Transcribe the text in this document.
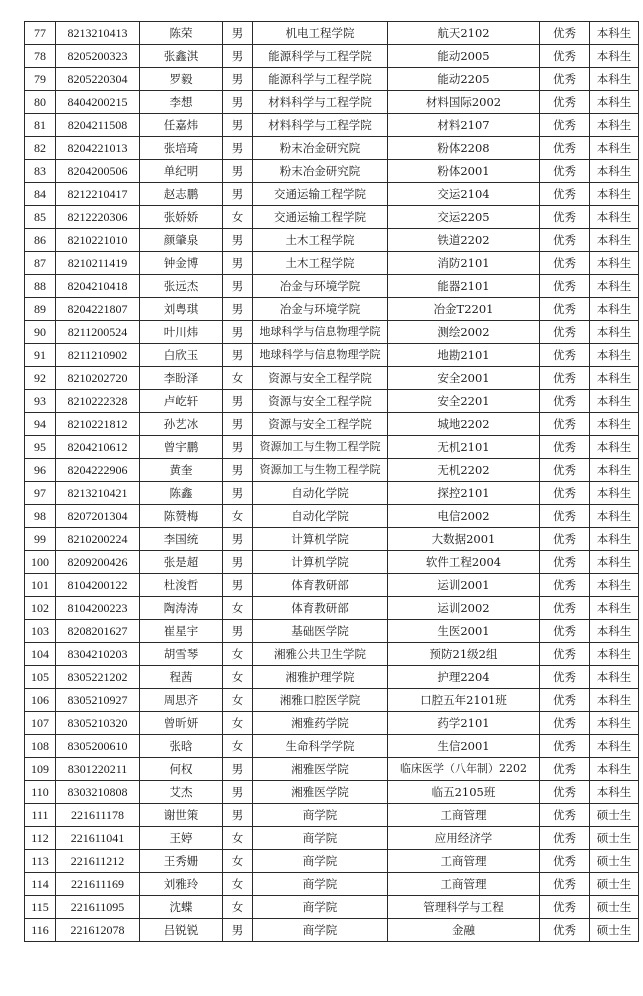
77	8213210413	陈荣	男	机电工程学院	航天2102	优秀	本科生
78	8205200323	张鑫淇	男	能源科学与工程学院	能动2005	优秀	本科生
79	8205220304	罗毅	男	能源科学与工程学院	能动2205	优秀	本科生
80	8404200215	李想	男	材料科学与工程学院	材料国际2002	优秀	本科生
81	8204211508	任嘉炜	男	材料科学与工程学院	材料2107	优秀	本科生
82	8204221013	张培琦	男	粉末冶金研究院	粉体2208	优秀	本科生
83	8204200506	单纪明	男	粉末冶金研究院	粉体2001	优秀	本科生
84	8212210417	赵志鹏	男	交通运输工程学院	交运2104	优秀	本科生
85	8212220306	张娇娇	女	交通运输工程学院	交运2205	优秀	本科生
86	8210221010	颜肇泉	男	土木工程学院	铁道2202	优秀	本科生
87	8210211419	钟金博	男	土木工程学院	消防2101	优秀	本科生
88	8204210418	张远杰	男	冶金与环境学院	能器2101	优秀	本科生
89	8204221807	刘粤琪	男	冶金与环境学院	冶金T2201	优秀	本科生
90	8211200524	叶川炜	男	地球科学与信息物理学院	测绘2002	优秀	本科生
91	8211210902	白欣玉	男	地球科学与信息物理学院	地勘2101	优秀	本科生
92	8210202720	李盼泽	女	资源与安全工程学院	安全2001	优秀	本科生
93	8210222328	卢屹轩	男	资源与安全工程学院	安全2201	优秀	本科生
94	8210221812	孙艺冰	男	资源与安全工程学院	城地2202	优秀	本科生
95	8204210612	曾宇鹏	男	资源加工与生物工程学院	无机2101	优秀	本科生
96	8204222906	黄奎	男	资源加工与生物工程学院	无机2202	优秀	本科生
97	8213210421	陈鑫	男	自动化学院	探控2101	优秀	本科生
98	8207201304	陈赞梅	女	自动化学院	电信2002	优秀	本科生
99	8210200224	李国统	男	计算机学院	大数据2001	优秀	本科生
100	8209200426	张是超	男	计算机学院	软件工程2004	优秀	本科生
101	8104200122	杜浚哲	男	体育教研部	运训2001	优秀	本科生
102	8104200223	陶涛涛	女	体育教研部	运训2002	优秀	本科生
103	8208201627	崔星宇	男	基础医学院	生医2001	优秀	本科生
104	8304210203	胡雪琴	女	湘雅公共卫生学院	预防21级2组	优秀	本科生
105	8305221202	程茜	女	湘雅护理学院	护理2204	优秀	本科生
106	8305210927	周思齐	女	湘雅口腔医学院	口腔五年2101班	优秀	本科生
107	8305210320	曾昕妍	女	湘雅药学院	药学2101	优秀	本科生
108	8305200610	张晗	女	生命科学学院	生信2001	优秀	本科生
109	8301220211	何权	男	湘雅医学院	临床医学（八年制）2202	优秀	本科生
110	8303210808	艾杰	男	湘雅医学院	临五2105班	优秀	本科生
111	221611178	谢世策	男	商学院	工商管理	优秀	硕士生
112	221611041	王婷	女	商学院	应用经济学	优秀	硕士生
113	221611212	王秀姗	女	商学院	工商管理	优秀	硕士生
114	221611169	刘雅玲	女	商学院	工商管理	优秀	硕士生
115	221611095	沈蝶	女	商学院	管理科学与工程	优秀	硕士生
116	221612078	吕锐锐	男	商学院	金融	优秀	硕士生
